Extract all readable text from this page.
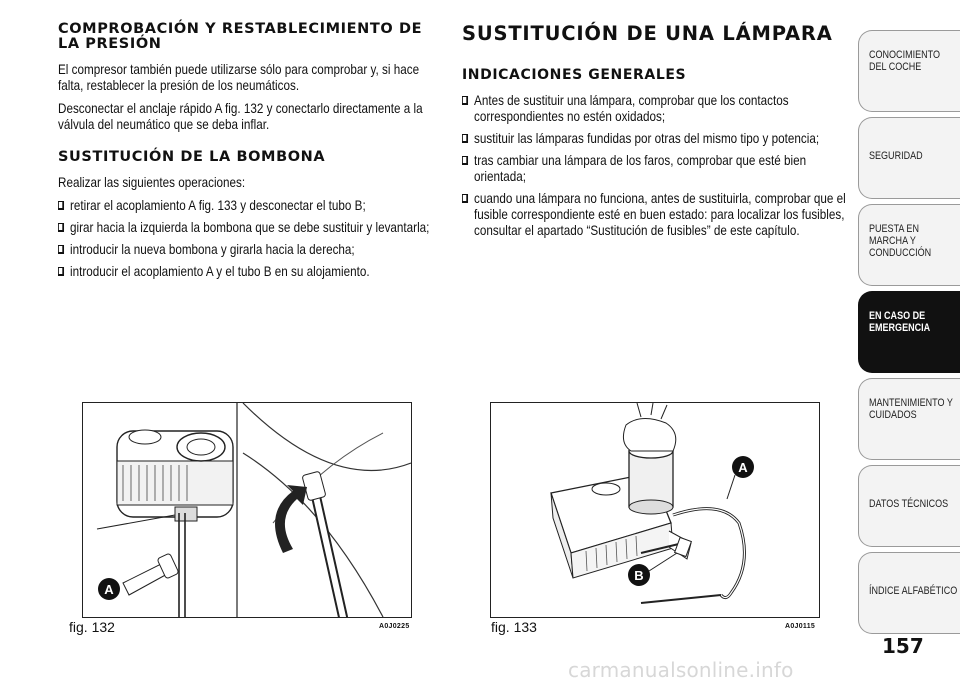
COMPROBACIÓN Y RESTABLECIMIENTO DE LA PRESIÓN

El compresor también puede utilizarse sólo para comprobar y, si hace falta, restablecer la presión de los neumáticos.

Desconectar el anclaje rápido A fig. 132 y conectarlo directamente a la válvula del neumático que se deba inflar.

SUSTITUCIÓN DE LA BOMBONA

Realizar las siguientes operaciones:

retirar el acoplamiento A fig. 133 y desconectar el tubo B;
girar hacia la izquierda la bombona que se debe sustituir y levantarla;
introducir la nueva bombona y girarla hacia la derecha;
introducir el acoplamiento A y el tubo B en su alojamiento.
SUSTITUCIÓN DE UNA LÁMPARA
INDICACIONES GENERALES
Antes de sustituir una lámpara, comprobar que los contactos correspondientes no estén oxidados;
sustituir las lámparas fundidas por otras del mismo tipo y potencia;
tras cambiar una lámpara de los faros, comprobar que esté bien orientada;
cuando una lámpara no funciona, antes de sustituirla, comprobar que el fusible correspondiente esté en buen estado: para localizar los fusibles, consultar el apartado “Sustitución de fusibles” de este capítulo.
A
fig. 132	A0J0225
A
B
fig. 133	A0J0115
CONOCIMIENTO DEL COCHE
SEGURIDAD
PUESTA EN MARCHA Y CONDUCCIÓN
EN CASO DE EMERGENCIA
MANTENIMIENTO Y CUIDADOS
DATOS TÉCNICOS
ÍNDICE ALFABÉTICO
157
carmanualsonline.info
